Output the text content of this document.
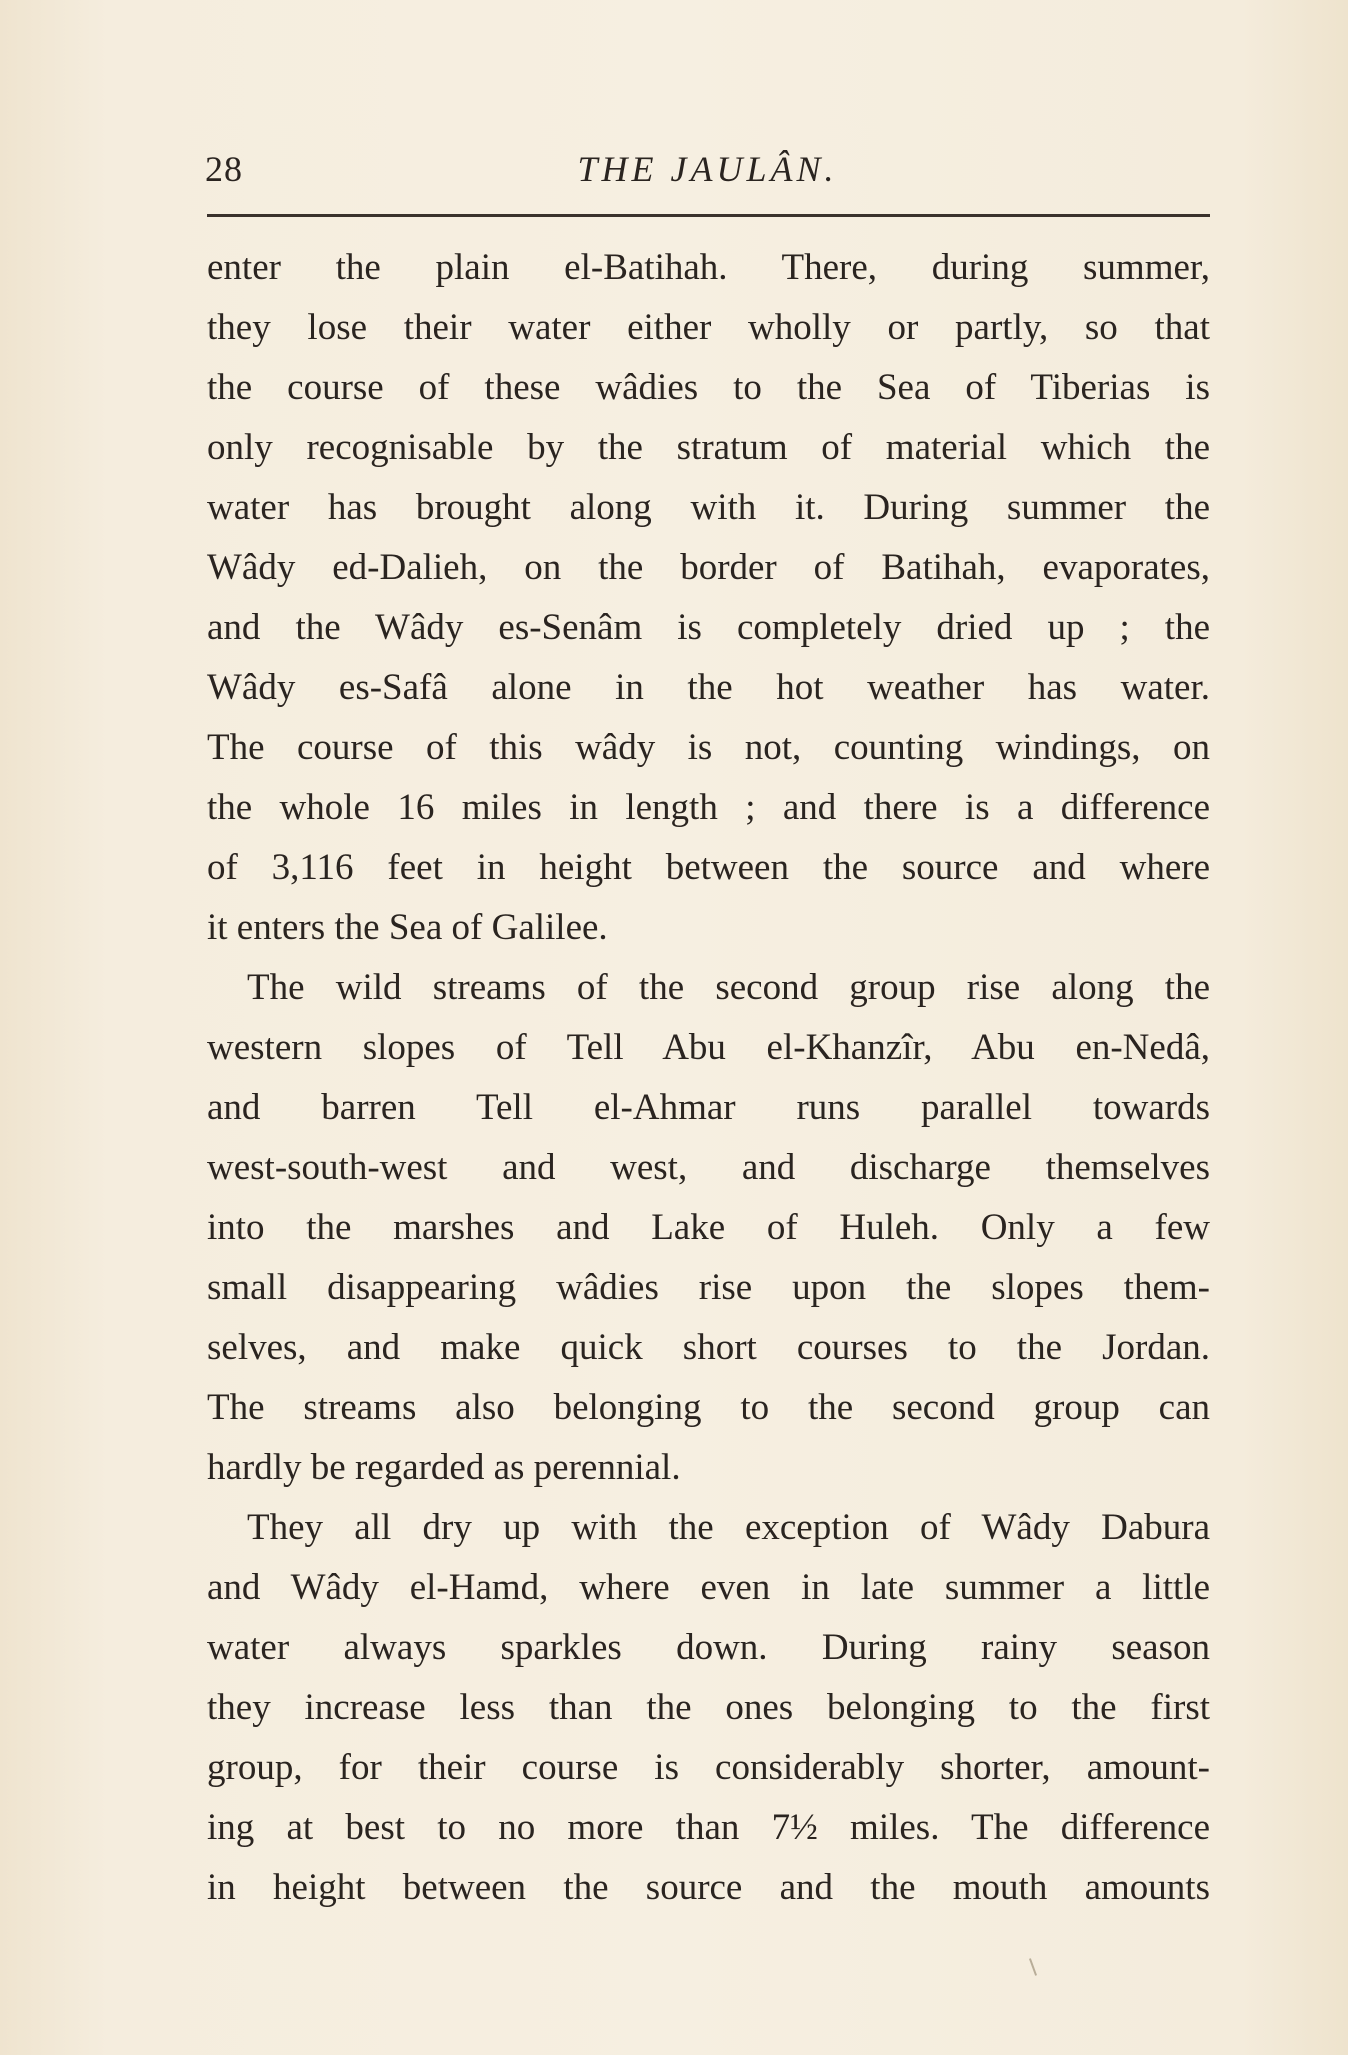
28	THE JAULÂN.

enter the plain el-Batihah. There, during summer,
they lose their water either wholly or partly, so that
the course of these wâdies to the Sea of Tiberias is
only recognisable by the stratum of material which the
water has brought along with it. During summer the
Wâdy ed-Dalieh, on the border of Batihah, evaporates,
and the Wâdy es-Senâm is completely dried up ; the
Wâdy es-Safâ alone in the hot weather has water.
The course of this wâdy is not, counting windings, on
the whole 16 miles in length ; and there is a difference
of 3,116 feet in height between the source and where
it enters the Sea of Galilee.

The wild streams of the second group rise along the
western slopes of Tell Abu el-Khanzîr, Abu en-Nedâ,
and barren Tell el-Ahmar runs parallel towards
west-south-west and west, and discharge themselves
into the marshes and Lake of Huleh. Only a few
small disappearing wâdies rise upon the slopes them-
selves, and make quick short courses to the Jordan.
The streams also belonging to the second group can
hardly be regarded as perennial.

They all dry up with the exception of Wâdy Dabura
and Wâdy el-Hamd, where even in late summer a little
water always sparkles down. During rainy season
they increase less than the ones belonging to the first
group, for their course is considerably shorter, amount-
ing at best to no more than 7½ miles. The difference
in height between the source and the mouth amounts
